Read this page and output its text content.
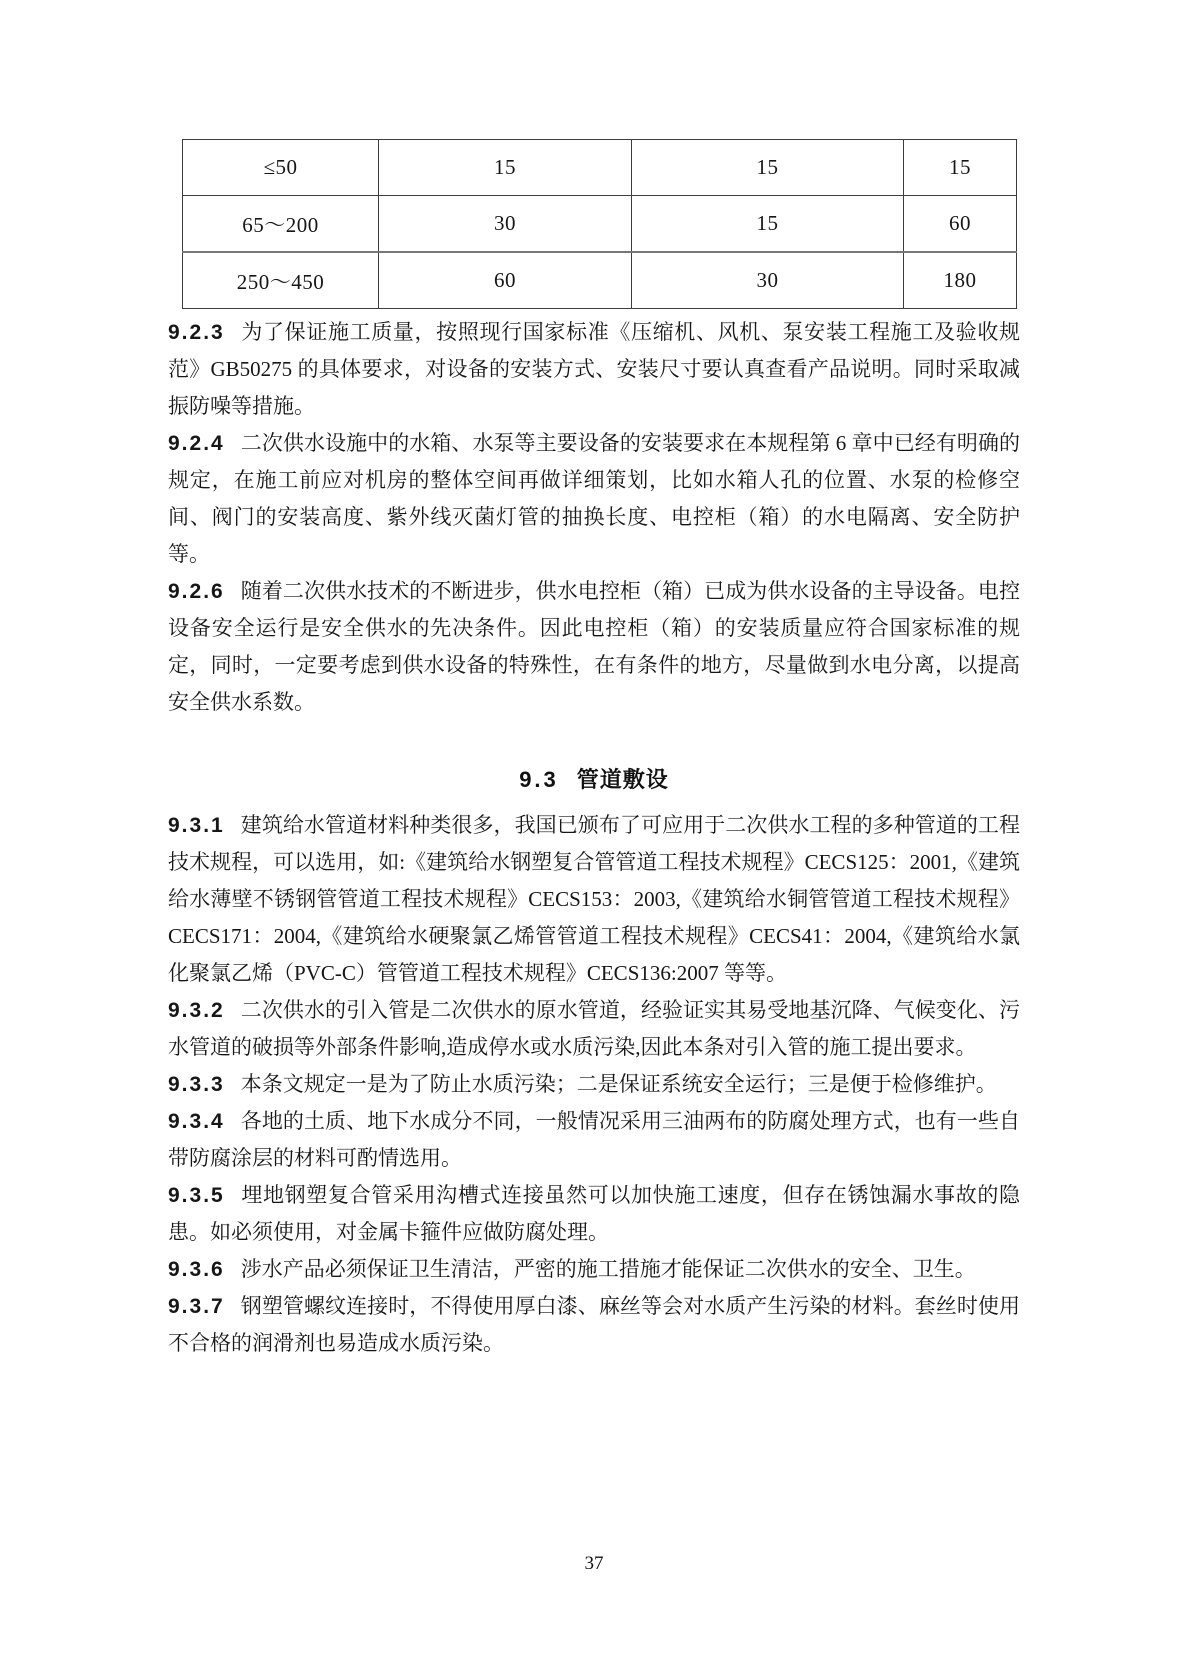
≤50	15	15	15
65～200	30	15	60
250～450	60	30	180

9.2.3 为了保证施工质量，按照现行国家标准《压缩机、风机、泵安装工程施工及验收规范》GB50275 的具体要求，对设备的安装方式、安装尺寸要认真查看产品说明。同时采取减振防噪等措施。

9.2.4 二次供水设施中的水箱、水泵等主要设备的安装要求在本规程第 6 章中已经有明确的规定，在施工前应对机房的整体空间再做详细策划，比如水箱人孔的位置、水泵的检修空间、阀门的安装高度、紫外线灭菌灯管的抽换长度、电控柜（箱）的水电隔离、安全防护等。

9.2.6 随着二次供水技术的不断进步，供水电控柜（箱）已成为供水设备的主导设备。电控设备安全运行是安全供水的先决条件。因此电控柜（箱）的安装质量应符合国家标准的规定，同时，一定要考虑到供水设备的特殊性，在有条件的地方，尽量做到水电分离，以提高安全供水系数。

9.3 管道敷设

9.3.1 建筑给水管道材料种类很多，我国已颁布了可应用于二次供水工程的多种管道的工程技术规程，可以选用，如:《建筑给水钢塑复合管管道工程技术规程》CECS125：2001,《建筑给水薄壁不锈钢管管道工程技术规程》CECS153：2003,《建筑给水铜管管道工程技术规程》CECS171：2004,《建筑给水硬聚氯乙烯管管道工程技术规程》CECS41：2004,《建筑给水氯化聚氯乙烯（PVC-C）管管道工程技术规程》CECS136:2007 等等。

9.3.2 二次供水的引入管是二次供水的原水管道，经验证实其易受地基沉降、气候变化、污水管道的破损等外部条件影响,造成停水或水质污染,因此本条对引入管的施工提出要求。

9.3.3 本条文规定一是为了防止水质污染；二是保证系统安全运行；三是便于检修维护。

9.3.4 各地的土质、地下水成分不同，一般情况采用三油两布的防腐处理方式，也有一些自带防腐涂层的材料可酌情选用。

9.3.5 埋地钢塑复合管采用沟槽式连接虽然可以加快施工速度，但存在锈蚀漏水事故的隐患。如必须使用，对金属卡箍件应做防腐处理。

9.3.6 涉水产品必须保证卫生清洁，严密的施工措施才能保证二次供水的安全、卫生。

9.3.7 钢塑管螺纹连接时，不得使用厚白漆、麻丝等会对水质产生污染的材料。套丝时使用不合格的润滑剂也易造成水质污染。

37
